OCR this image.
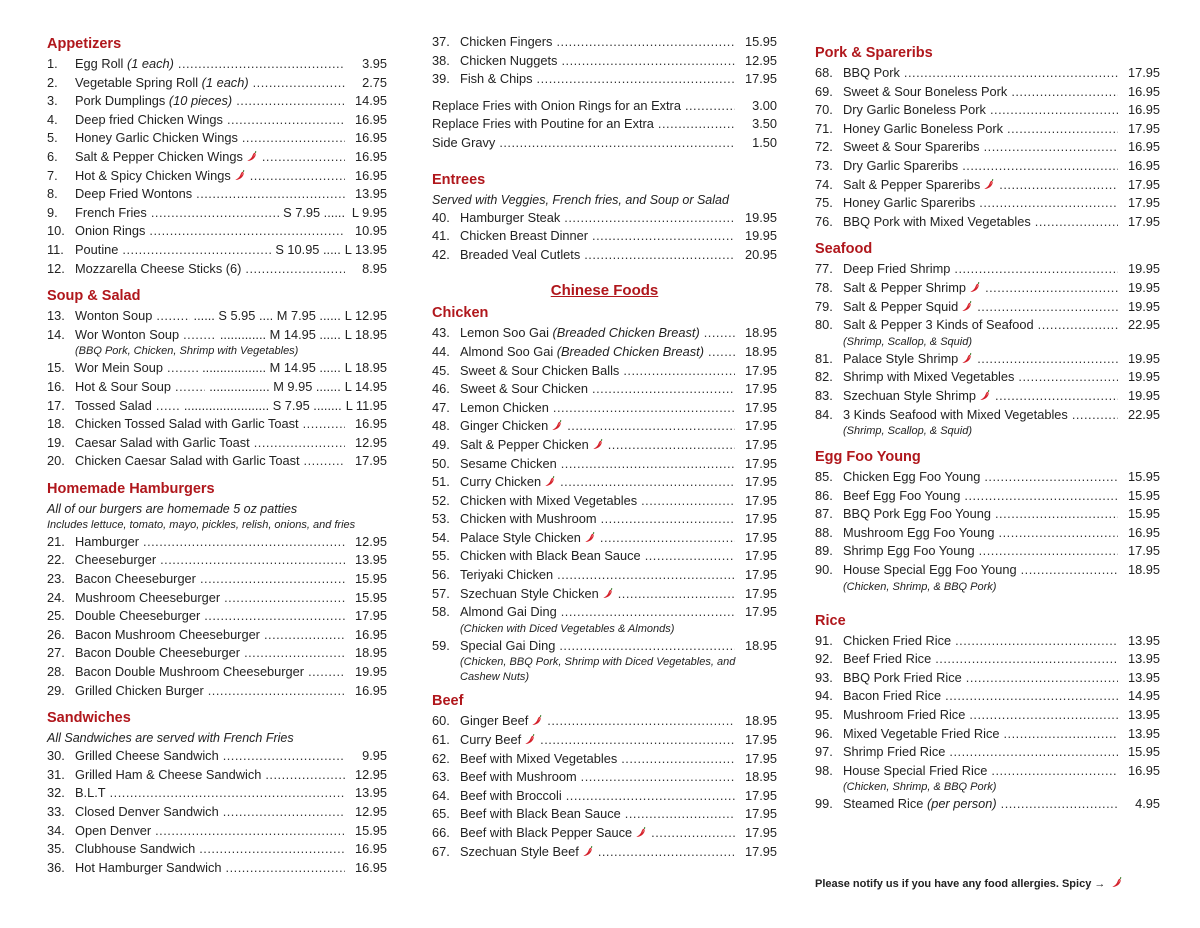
Appetizers
1.	Egg Roll (1 each) .....	3.95
2.	Vegetable Spring Roll (1 each) .....	2.75
3.	Pork Dumplings (10 pieces) .....	14.95
4.	Deep fried Chicken Wings .....	16.95
5.	Honey Garlic Chicken Wings .....	16.95
6.	Salt & Pepper Chicken Wings .....	16.95
7.	Hot & Spicy Chicken Wings .....	16.95
8.	Deep Fried Wontons .....	13.95
9.	French Fries .....	S 7.95 ...... L 9.95
10. Onion Rings .....	10.95
11. Poutine .....	S 10.95 ..... L 13.95
12. Mozzarella Cheese Sticks (6) .....	8.95
Soup & Salad
13. Wonton Soup .....	...... S 5.95 .... M 7.95 ...... L 12.95
14. Wor Wonton Soup .....	............. M 14.95 ...... L 18.95
(BBQ Pork, Chicken, Shrimp with Vegetables)
15. Wor Mein Soup .....	.................. M 14.95 ...... L 18.95
16. Hot & Sour Soup .....	................. M 9.95 ....... L 14.95
17. Tossed Salad ..... ........................ S 7.95 ........ L 11.95
18. Chicken Tossed Salad with Garlic Toast .....	16.95
19. Caesar Salad with Garlic Toast .....	12.95
20. Chicken Caesar Salad with Garlic Toast .....	17.95
Homemade Hamburgers
All of our burgers are homemade 5 oz patties
Includes lettuce, tomato, mayo, pickles, relish, onions, and fries
21. Hamburger .....	12.95
22. Cheeseburger .....	13.95
23. Bacon Cheeseburger .....	15.95
24. Mushroom Cheeseburger .....	15.95
25. Double Cheeseburger .....	17.95
26. Bacon Mushroom Cheeseburger .....	16.95
27. Bacon Double Cheeseburger .....	18.95
28. Bacon Double Mushroom Cheeseburger .....	19.95
29. Grilled Chicken Burger .....	16.95
Sandwiches
All Sandwiches are served with French Fries
30. Grilled Cheese Sandwich .....	9.95
31. Grilled Ham & Cheese Sandwich .....	12.95
32. B.L.T .....	13.95
33. Closed Denver Sandwich .....	12.95
34. Open Denver .....	15.95
35. Clubhouse Sandwich .....	16.95
36. Hot Hamburger Sandwich .....	16.95
37. Chicken Fingers .....	15.95
38. Chicken Nuggets .....	12.95
39. Fish & Chips .....	17.95
Replace Fries with Onion Rings for an Extra .....	3.00
Replace Fries with Poutine for an Extra .....	3.50
Side Gravy .....	1.50
Entrees
Served with Veggies, French fries, and Soup or Salad
40. Hamburger Steak .....	19.95
41. Chicken Breast Dinner .....	19.95
42. Breaded Veal Cutlets .....	20.95
Chinese Foods
Chicken
43. Lemon Soo Gai (Breaded Chicken Breast) .....	18.95
44. Almond Soo Gai (Breaded Chicken Breast) .....	18.95
45. Sweet & Sour Chicken Balls .....	17.95
46. Sweet & Sour Chicken .....	17.95
47. Lemon Chicken .....	17.95
48. Ginger Chicken .....	17.95
49. Salt & Pepper Chicken .....	17.95
50. Sesame Chicken .....	17.95
51. Curry Chicken .....	17.95
52. Chicken with Mixed Vegetables .....	17.95
53. Chicken with Mushroom .....	17.95
54. Palace Style Chicken .....	17.95
55. Chicken with Black Bean Sauce .....	17.95
56. Teriyaki Chicken .....	17.95
57. Szechuan Style Chicken .....	17.95
58. Almond Gai Ding .....	17.95
(Chicken with Diced Vegetables & Almonds)
59. Special Gai Ding .....	18.95
(Chicken, BBQ Pork, Shrimp with Diced Vegetables, and
Cashew Nuts)
Beef
60. Ginger Beef .....	18.95
61. Curry Beef .....	17.95
62. Beef with Mixed Vegetables .....	17.95
63. Beef with Mushroom .....	18.95
64. Beef with Broccoli .....	17.95
65. Beef with Black Bean Sauce .....	17.95
66. Beef with Black Pepper Sauce .....	17.95
67. Szechuan Style Beef .....	17.95
Pork & Spareribs
68. BBQ Pork .....	17.95
69. Sweet & Sour Boneless Pork .....	16.95
70. Dry Garlic Boneless Pork .....	16.95
71. Honey Garlic Boneless Pork .....	17.95
72. Sweet & Sour Spareribs .....	16.95
73. Dry Garlic Spareribs .....	16.95
74. Salt & Pepper Spareribs .....	17.95
75. Honey Garlic Spareribs .....	17.95
76. BBQ Pork with Mixed Vegetables .....	17.95
Seafood
77. Deep Fried Shrimp .....	19.95
78. Salt & Pepper Shrimp .....	19.95
79. Salt & Pepper Squid .....	19.95
80. Salt & Pepper 3 Kinds of Seafood .....	22.95
(Shrimp, Scallop, & Squid)
81. Palace Style Shrimp .....	19.95
82. Shrimp with Mixed Vegetables .....	19.95
83. Szechuan Style Shrimp .....	19.95
84. 3 Kinds Seafood with Mixed Vegetables .....	22.95
(Shrimp, Scallop, & Squid)
Egg Foo Young
85. Chicken Egg Foo Young .....	15.95
86. Beef Egg Foo Young .....	15.95
87. BBQ Pork Egg Foo Young .....	15.95
88. Mushroom Egg Foo Young .....	16.95
89. Shrimp Egg Foo Young .....	17.95
90. House Special Egg Foo Young .....	18.95
(Chicken, Shrimp, & BBQ Pork)
Rice
91. Chicken Fried Rice .....	13.95
92. Beef Fried Rice .....	13.95
93. BBQ Pork Fried Rice .....	13.95
94. Bacon Fried Rice .....	14.95
95. Mushroom Fried Rice .....	13.95
96. Mixed Vegetable Fried Rice .....	13.95
97. Shrimp Fried Rice .....	15.95
98. House Special Fried Rice .....	16.95
(Chicken, Shrimp, & BBQ Pork)
99. Steamed Rice (per person) .....	4.95
Please notify us if you have any food allergies. Spicy →
